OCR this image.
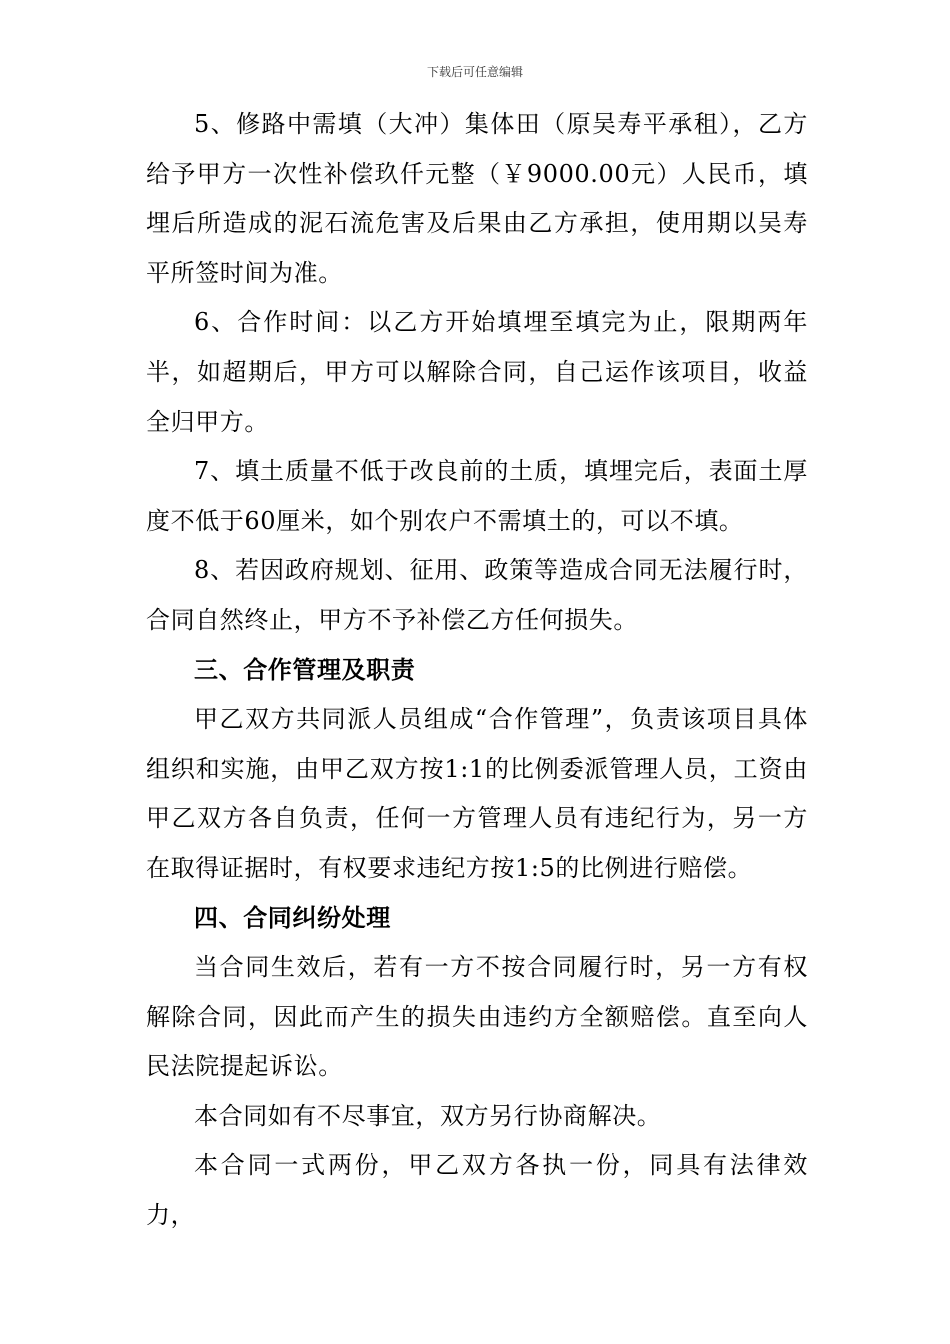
下载后可任意编辑

5、修路中需填（大冲）集体田（原吴寿平承租），乙方给予甲方一次性补偿玖仟元整（￥9000.00元）人民币，填埋后所造成的泥石流危害及后果由乙方承担，使用期以吴寿平所签时间为准。

6、合作时间：以乙方开始填埋至填完为止，限期两年半，如超期后，甲方可以解除合同，自己运作该项目，收益全归甲方。

7、填土质量不低于改良前的土质，填埋完后，表面土厚度不低于60厘米，如个别农户不需填土的，可以不填。

8、若因政府规划、征用、政策等造成合同无法履行时，合同自然终止，甲方不予补偿乙方任何损失。

三、合作管理及职责

甲乙双方共同派人员组成“合作管理”，负责该项目具体组织和实施，由甲乙双方按1:1的比例委派管理人员，工资由甲乙双方各自负责，任何一方管理人员有违纪行为，另一方在取得证据时，有权要求违纪方按1:5的比例进行赔偿。

四、合同纠纷处理

当合同生效后，若有一方不按合同履行时，另一方有权解除合同，因此而产生的损失由违约方全额赔偿。直至向人民法院提起诉讼。

本合同如有不尽事宜，双方另行协商解决。

本合同一式两份，甲乙双方各执一份，同具有法律效力，
